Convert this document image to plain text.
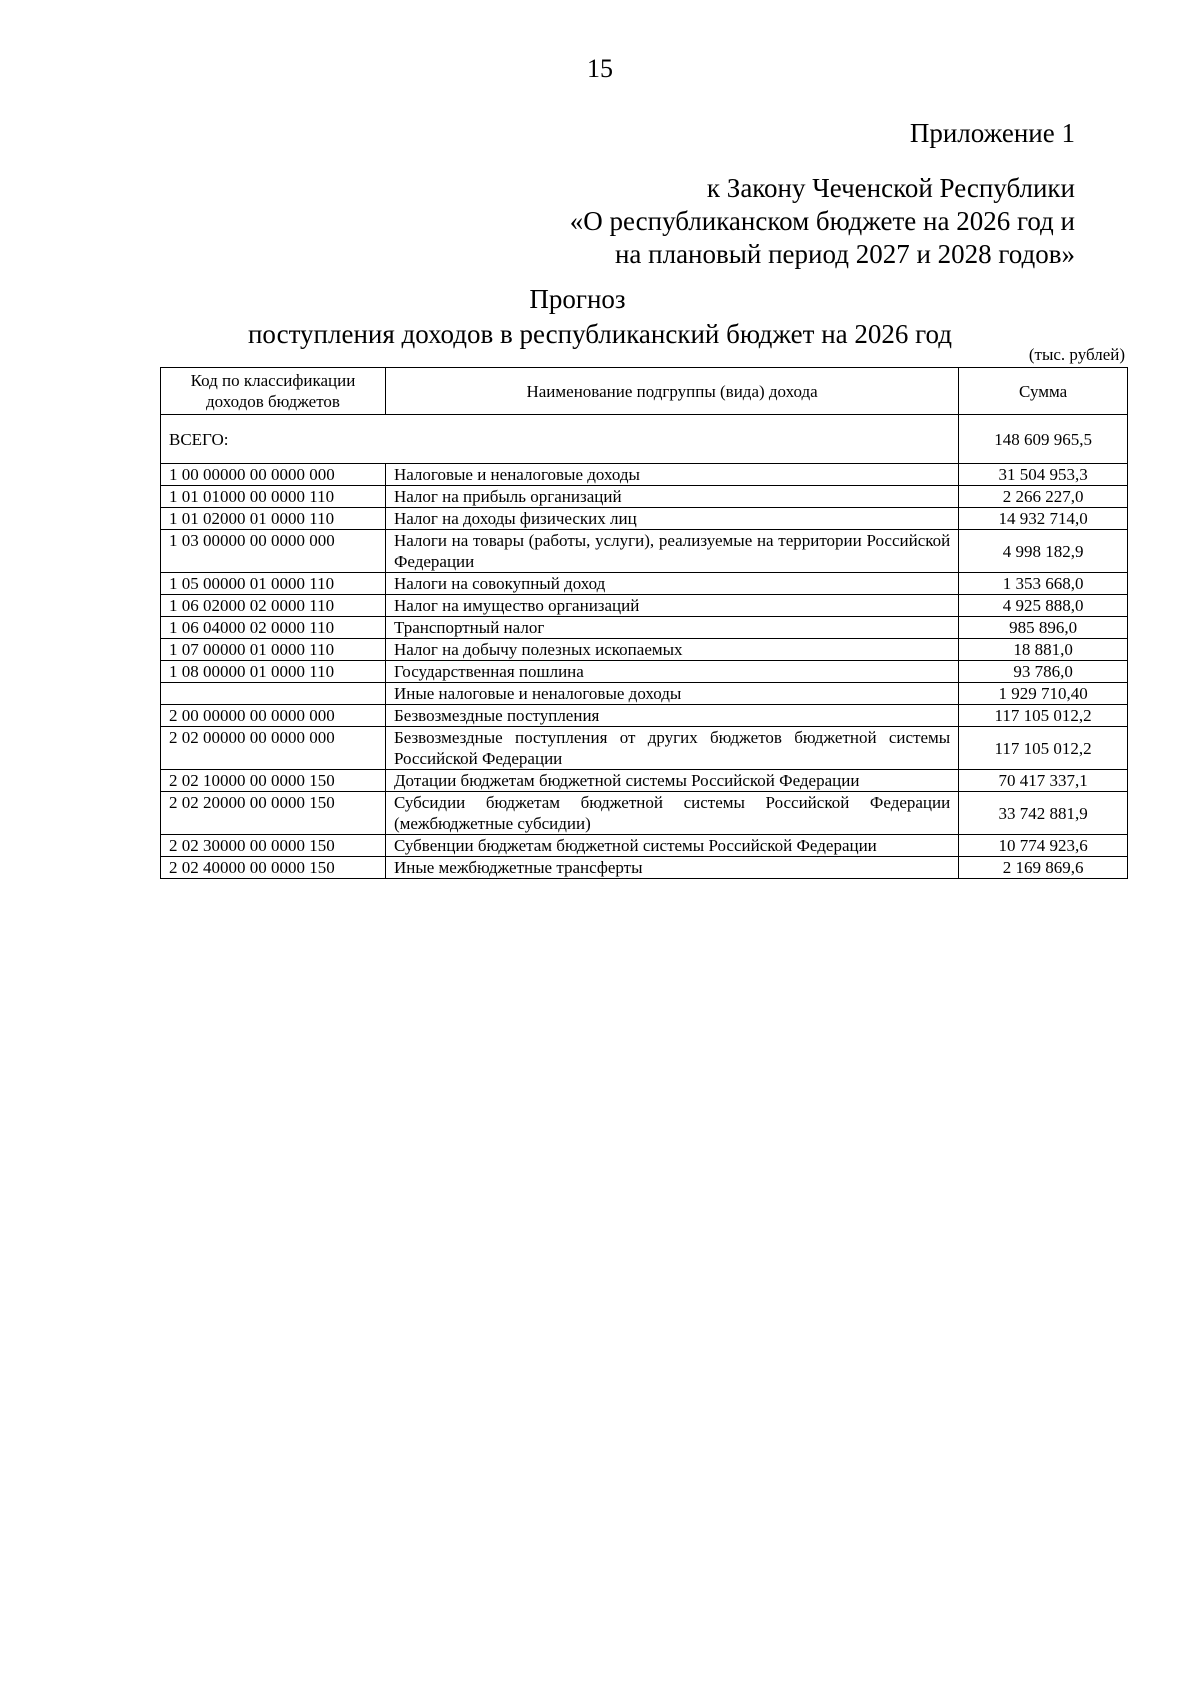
15
Приложение 1
к Закону Чеченской Республики
«О республиканском бюджете на 2026 год и
на плановый период 2027 и 2028 годов»
Прогноз
поступления доходов в республиканский бюджет на 2026 год
(тыс. рублей)
Код по классификации доходов бюджетов	Наименование подгруппы (вида) дохода	Сумма
ВСЕГО:		148 609 965,5
1 00 00000 00 0000 000	Налоговые и неналоговые доходы	31 504 953,3
1 01 01000 00 0000 110	Налог на прибыль организаций	2 266 227,0
1 01 02000 01 0000 110	Налог на доходы физических лиц	14 932 714,0
1 03 00000 00 0000 000	Налоги на товары (работы, услуги), реализуемые на территории Российской Федерации	4 998 182,9
1 05 00000 01 0000 110	Налоги на совокупный доход	1 353 668,0
1 06 02000 02 0000 110	Налог на имущество организаций	4 925 888,0
1 06 04000 02 0000 110	Транспортный налог	985 896,0
1 07 00000 01 0000 110	Налог на добычу полезных ископаемых	18 881,0
1 08 00000 01 0000 110	Государственная пошлина	93 786,0
	Иные налоговые и неналоговые доходы	1 929 710,40
2 00 00000 00 0000 000	Безвозмездные поступления	117 105 012,2
2 02 00000 00 0000 000	Безвозмездные поступления от других бюджетов бюджетной системы Российской Федерации	117 105 012,2
2 02 10000 00 0000 150	Дотации бюджетам бюджетной системы Российской Федерации	70 417 337,1
2 02 20000 00 0000 150	Субсидии бюджетам бюджетной системы Российской Федерации (межбюджетные субсидии)	33 742 881,9
2 02 30000 00 0000 150	Субвенции бюджетам бюджетной системы Российской Федерации	10 774 923,6
2 02 40000 00 0000 150	Иные межбюджетные трансферты	2 169 869,6
